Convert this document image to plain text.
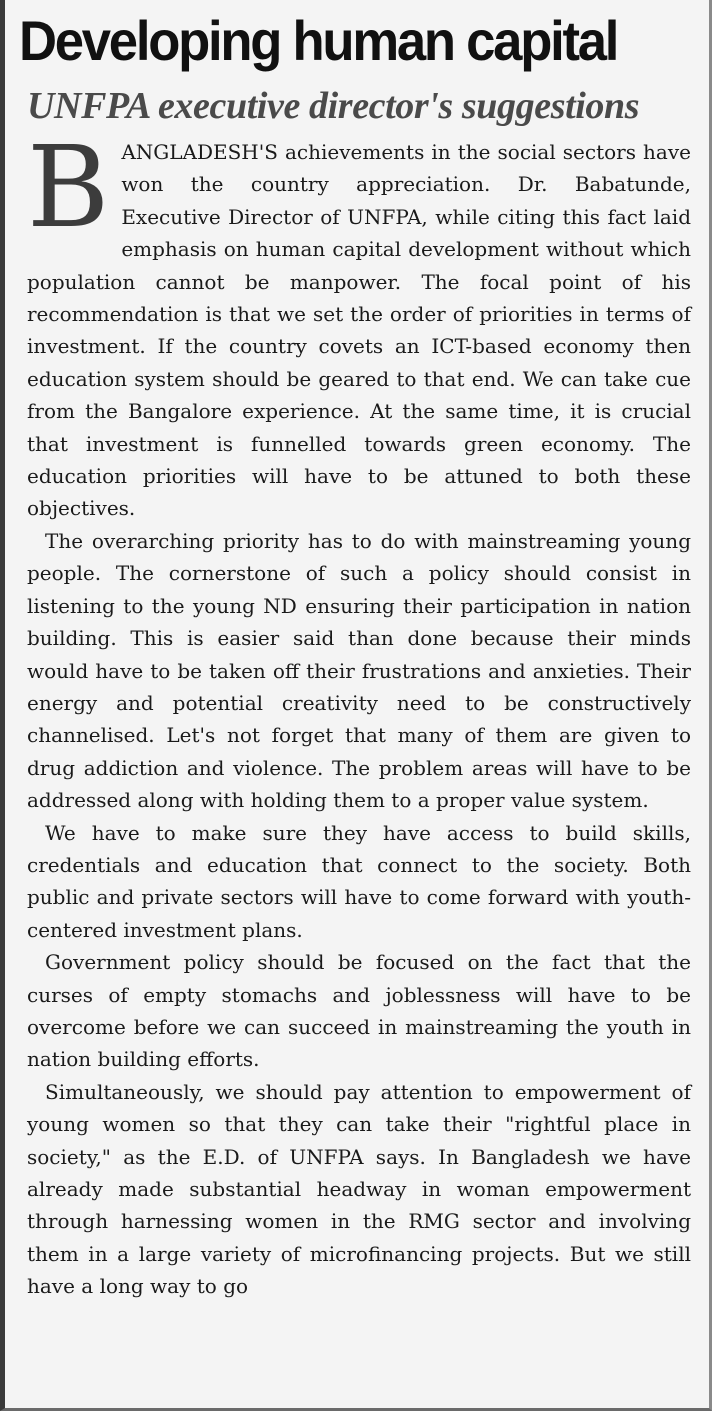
Developing human capital
UNFPA executive director's suggestions

BANGLADESH'S achievements in the social sectors have won the country appreciation. Dr. Babatunde, Executive Director of UNFPA, while citing this fact laid emphasis on human capital development without which population cannot be manpower. The focal point of his recommendation is that we set the order of priorities in terms of investment. If the country covets an ICT-based economy then education system should be geared to that end. We can take cue from the Bangalore experience. At the same time, it is crucial that investment is funnelled towards green economy. The education priorities will have to be attuned to both these objectives.

The overarching priority has to do with mainstreaming young people. The cornerstone of such a policy should consist in listening to the young ND ensuring their participation in nation building. This is easier said than done because their minds would have to be taken off their frustrations and anxieties. Their energy and potential creativity need to be constructively channelised. Let's not forget that many of them are given to drug addiction and violence. The problem areas will have to be addressed along with holding them to a proper value system.

We have to make sure they have access to build skills, credentials and education that connect to the society. Both public and private sectors will have to come forward with youth-centered investment plans.

Government policy should be focused on the fact that the curses of empty stomachs and joblessness will have to be overcome before we can succeed in mainstreaming the youth in nation building efforts.

Simultaneously, we should pay attention to empowerment of young women so that they can take their "rightful place in society," as the E.D. of UNFPA says. In Bangladesh we have already made substantial headway in woman empowerment through harnessing women in the RMG sector and involving them in a large variety of microfinancing projects. But we still have a long way to go
